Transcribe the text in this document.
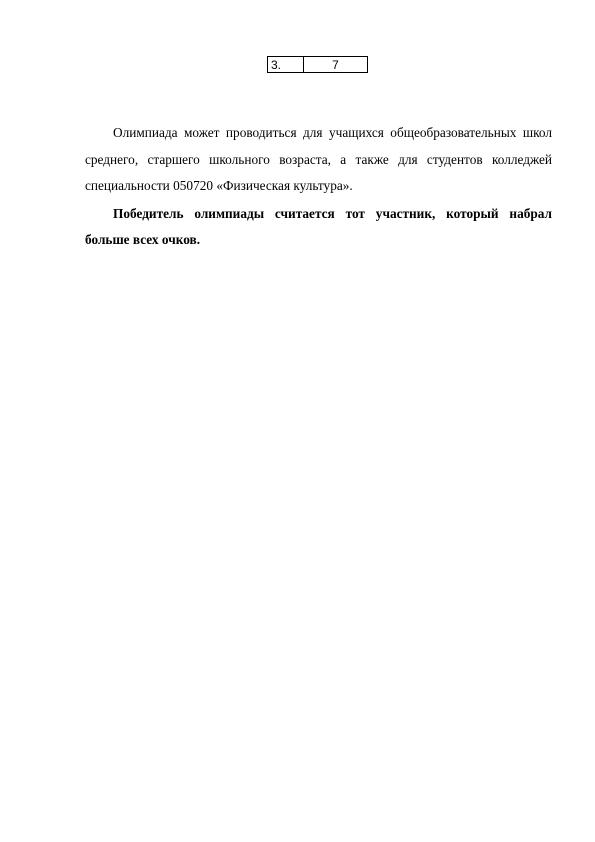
3.	7

Олимпиада может проводиться для учащихся общеобразовательных школ среднего, старшего школьного возраста, а также для студентов колледжей специальности 050720 «Физическая культура».

Победитель олимпиады считается тот участник, который набрал больше всех очков.
